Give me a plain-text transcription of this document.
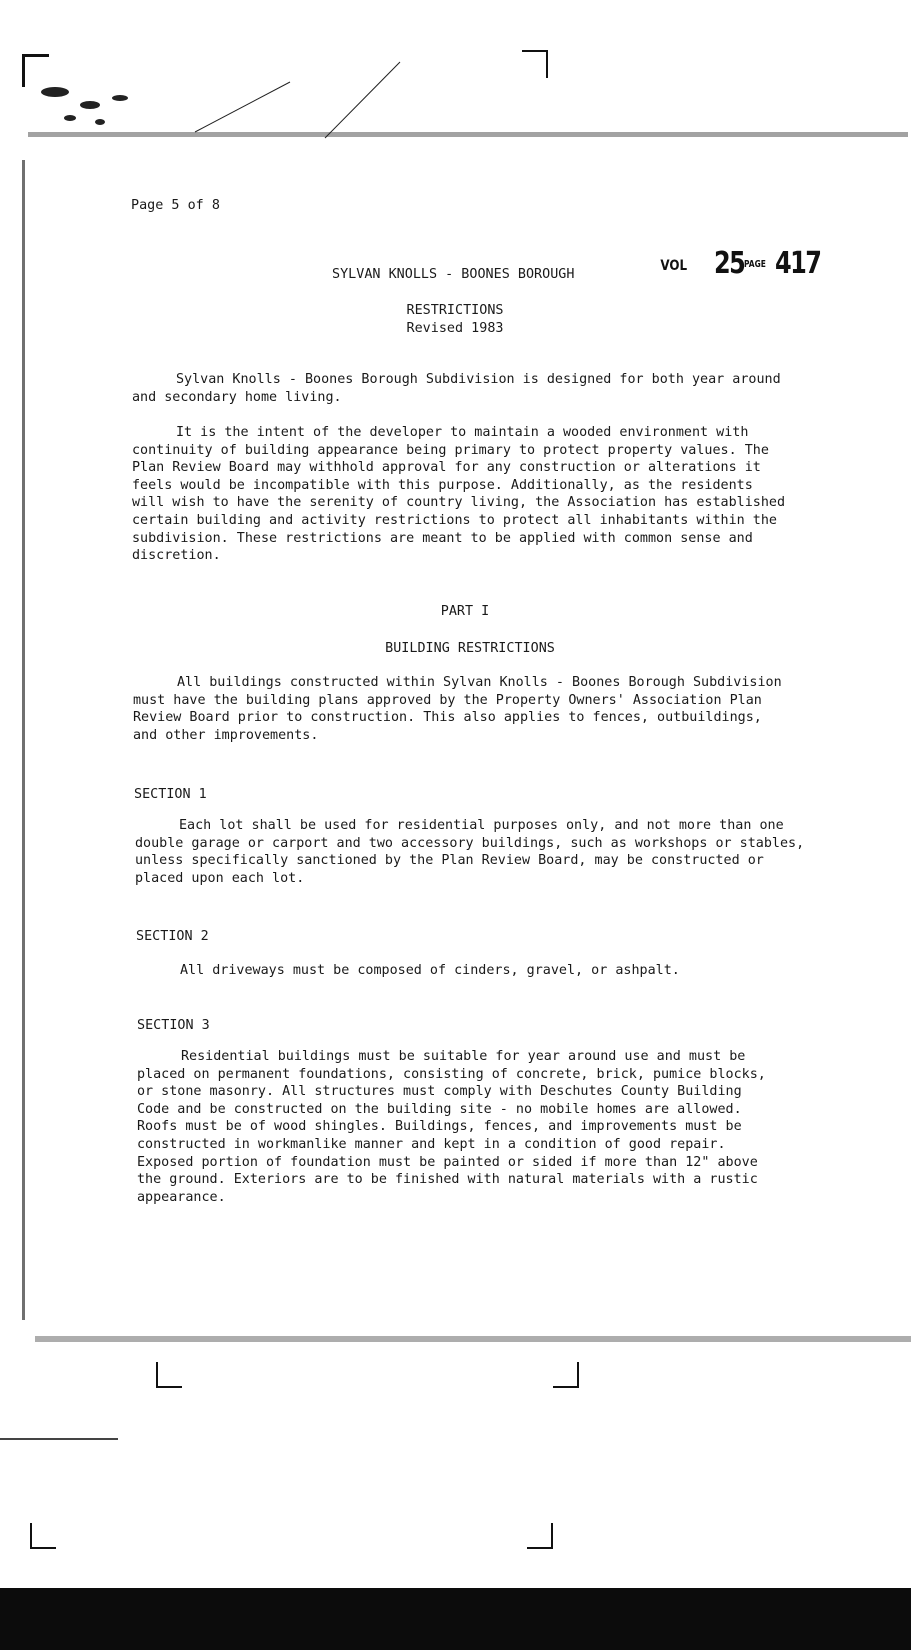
Page 5 of 8
SYLVAN KNOLLS - BOONES BOROUGH
VOL 25 PAGE 417
RESTRICTIONS
Revised 1983
Sylvan Knolls - Boones Borough Subdivision is designed for both year around
and secondary home living.
It is the intent of the developer to maintain a wooded environment with
continuity of building appearance being primary to protect property values. The
Plan Review Board may withhold approval for any construction or alterations it
feels would be incompatible with this purpose. Additionally, as the residents
will wish to have the serenity of country living, the Association has established
certain building and activity restrictions to protect all inhabitants within the
subdivision. These restrictions are meant to be applied with common sense and
discretion.
PART I
BUILDING RESTRICTIONS
All buildings constructed within Sylvan Knolls - Boones Borough Subdivision
must have the building plans approved by the Property Owners' Association Plan
Review Board prior to construction. This also applies to fences, outbuildings,
and other improvements.
SECTION 1
Each lot shall be used for residential purposes only, and not more than one
double garage or carport and two accessory buildings, such as workshops or stables,
unless specifically sanctioned by the Plan Review Board, may be constructed or
placed upon each lot.
SECTION 2
All driveways must be composed of cinders, gravel, or ashpalt.
SECTION 3
Residential buildings must be suitable for year around use and must be
placed on permanent foundations, consisting of concrete, brick, pumice blocks,
or stone masonry. All structures must comply with Deschutes County Building
Code and be constructed on the building site - no mobile homes are allowed.
Roofs must be of wood shingles. Buildings, fences, and improvements must be
constructed in workmanlike manner and kept in a condition of good repair.
Exposed portion of foundation must be painted or sided if more than 12" above
the ground. Exteriors are to be finished with natural materials with a rustic
appearance.
